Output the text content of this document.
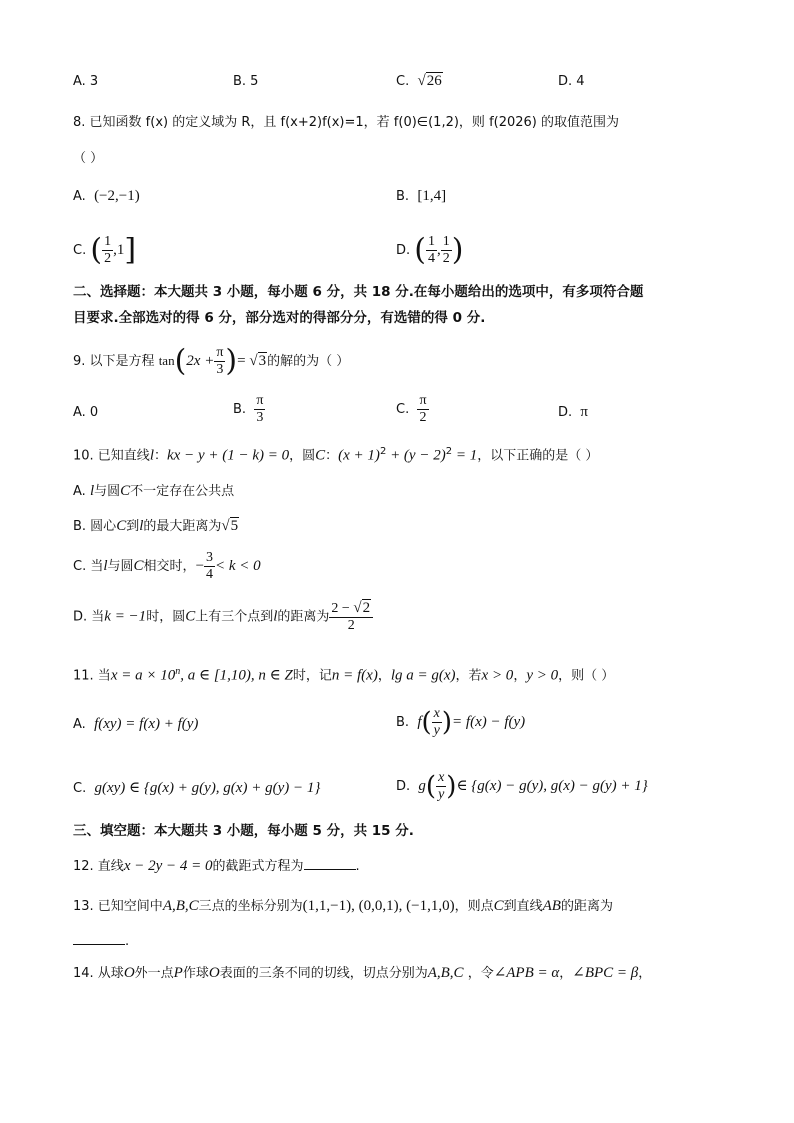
A. 3	B. 5	C. √26	D. 4
8. 已知函数 f(x) 的定义域为 R，且 f(x+2)f(x)=1，若 f(0)∈(1,2)，则 f(2026) 的取值范围为
（ ）
A. (−2,−1)	B. [1,4]
C. ( $\frac{1}{2} ,1$]	D. ( $\frac{1}{4}$ , $\frac{1}{2}$ )
二、选择题：本大题共 3 小题，每小题 6 分，共 18 分.在每小题给出的选项中，有多项符合题
目要求.全部选对的得 6 分，部分选对的得部分分，有选错的得 0 分.
9. 以下是方程 $\tan(2x + \frac{\pi}{3}$ )= √3的解的为（ ）
A. 0	B. $\frac{\pi}{3}$	C. $\frac{\pi}{2}$	D. π
10. 已知直线l：kx − y + (1 − k) = 0，圆C：$(x + 1)^2 + (y - 2)^2 = 1$，以下正确的是（ ）
A. l与圆C不一定存在公共点
B. 圆心C到l的最大距离为√5
C. 当l与圆C相交时，− $\frac{3}{4} < k < 0$
D. 当k = −1时，圆C上有三个点到l的距离为 $\frac{2 - √2}{2}$
11. 当$x = a \times 10^n$, a ∈ [1,10), n ∈ Z时，记n = f(x)，lg a = g(x)，若x > 0，y > 0，则（ ）
A. f(xy) = f(x) + f(y)	B. $f( \frac{x}{y}$ )= f(x) − f(y)
C. g(xy) ∈ {g(x) + g(y), g(x) + g(y) − 1}	D. $g( \frac{x}{y}$ )∈ {g(x) − g(y), g(x) − g(y) + 1}
三、填空题：本大题共 3 小题，每小题 5 分，共 15 分.
12. 直线x − 2y − 4 = 0的截距式方程为	.
13. 已知空间中A,B,C三点的坐标分别为(1,1,−1), (0,0,1), (−1,1,0)，则点C到直线AB的距离为
.
14. 从球O外一点P作球O表面的三条不同的切线，切点分别为A,B,C ，令∠APB = α，∠BPC = β，
